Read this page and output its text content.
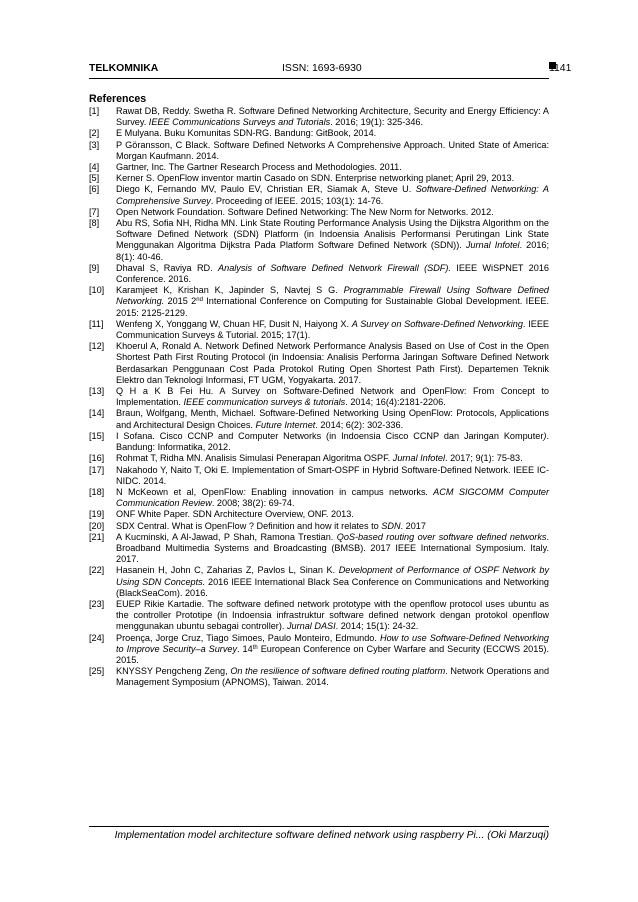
TELKOMNIKA	ISSN: 1693-6930	1141
References
[1] Rawat DB, Reddy. Swetha R. Software Defined Networking Architecture, Security and Energy Efficiency: A Survey. IEEE Communications Surveys and Tutorials. 2016; 19(1): 325-346.
[2] E Mulyana. Buku Komunitas SDN-RG. Bandung: GitBook, 2014.
[3] P Göransson, C Black. Software Defined Networks A Comprehensive Approach. United State of America: Morgan Kaufmann. 2014.
[4] Gartner, Inc. The Gartner Research Process and Methodologies. 2011.
[5] Kerner S. OpenFlow inventor martin Casado on SDN. Enterprise networking planet; April 29, 2013.
[6] Diego K, Fernando MV, Paulo EV, Christian ER, Siamak A, Steve U. Software-Defined Networking: A Comprehensive Survey. Proceeding of IEEE. 2015; 103(1): 14-76.
[7] Open Network Foundation. Software Defined Networking: The New Norm for Networks. 2012.
[8] Abu RS, Sofia NH, Ridha MN. Link State Routing Performance Analysis Using the Dijkstra Algorithm on the Software Defined Network (SDN) Platform (in Indoensia Analisis Performansi Perutingan Link State Menggunakan Algoritma Dijkstra Pada Platform Software Defined Network (SDN)). Jurnal Infotel. 2016; 8(1): 40-46.
[9] Dhaval S, Raviya RD. Analysis of Software Defined Network Firewall (SDF). IEEE WiSPNET 2016 Conference. 2016.
[10] Karamjeet K, Krishan K, Japinder S, Navtej S G. Programmable Firewall Using Software Defined Networking. 2015 2nd International Conference on Computing for Sustainable Global Development. IEEE. 2015: 2125-2129.
[11] Wenfeng X, Yonggang W, Chuan HF, Dusit N, Haiyong X. A Survey on Software-Defined Networking. IEEE Communication Surveys & Tutorial. 2015; 17(1).
[12] Khoerul A, Ronald A. Network Defined Network Performance Analysis Based on Use of Cost in the Open Shortest Path First Routing Protocol (in Indoensia: Analisis Performa Jaringan Software Defined Network Berdasarkan Penggunaan Cost Pada Protokol Ruting Open Shortest Path First). Departemen Teknik Elektro dan Teknologi Informasi, FT UGM, Yogyakarta. 2017.
[13] Q H a K B Fei Hu. A Survey on Software-Defined Network and OpenFlow: From Concept to Implementation. IEEE communication surveys & tutorials. 2014; 16(4):2181-2206.
[14] Braun, Wolfgang, Menth, Michael. Software-Defined Networking Using OpenFlow: Protocols, Applications and Architectural Design Choices. Future Internet. 2014; 6(2): 302-336.
[15] I Sofana. Cisco CCNP and Computer Networks (in Indoensia Cisco CCNP dan Jaringan Komputer). Bandung: Informatika, 2012.
[16] Rohmat T, Ridha MN. Analisis Simulasi Penerapan Algoritma OSPF. Jurnal Infotel. 2017; 9(1): 75-83.
[17] Nakahodo Y, Naito T, Oki E. Implementation of Smart-OSPF in Hybrid Software-Defined Network. IEEE IC-NIDC. 2014.
[18] N McKeown et al, OpenFlow: Enabling innovation in campus networks. ACM SIGCOMM Computer Communication Review. 2008; 38(2): 69-74.
[19] ONF White Paper. SDN Architecture Overview, ONF. 2013.
[20] SDX Central. What is OpenFlow ? Definition and how it relates to SDN. 2017
[21] A Kucminski, A Al-Jawad, P Shah, Ramona Trestian. QoS-based routing over software defined networks. Broadband Multimedia Systems and Broadcasting (BMSB). 2017 IEEE International Symposium. Italy. 2017.
[22] Hasanein H, John C, Zaharias Z, Pavlos L, Sinan K. Development of Performance of OSPF Network by Using SDN Concepts. 2016 IEEE International Black Sea Conference on Communications and Networking (BlackSeaCom). 2016.
[23] EUEP Rikie Kartadie. The software defined network prototype with the openflow protocol uses ubuntu as the controller Prototipe (in Indoensia infrastruktur software defined network dengan protokol openflow menggunakan ubuntu sebagai controller). Jurnal DASI. 2014; 15(1): 24-32.
[24] Proença, Jorge Cruz, Tiago Simoes, Paulo Monteiro, Edmundo. How to use Software-Defined Networking to Improve Security–a Survey. 14th European Conference on Cyber Warfare and Security (ECCWS 2015). 2015.
[25] KNYSSY Pengcheng Zeng, On the resilience of software defined routing platform. Network Operations and Management Symposium (APNOMS), Taiwan. 2014.
Implementation model architecture software defined network using raspberry Pi... (Oki Marzuqi)
